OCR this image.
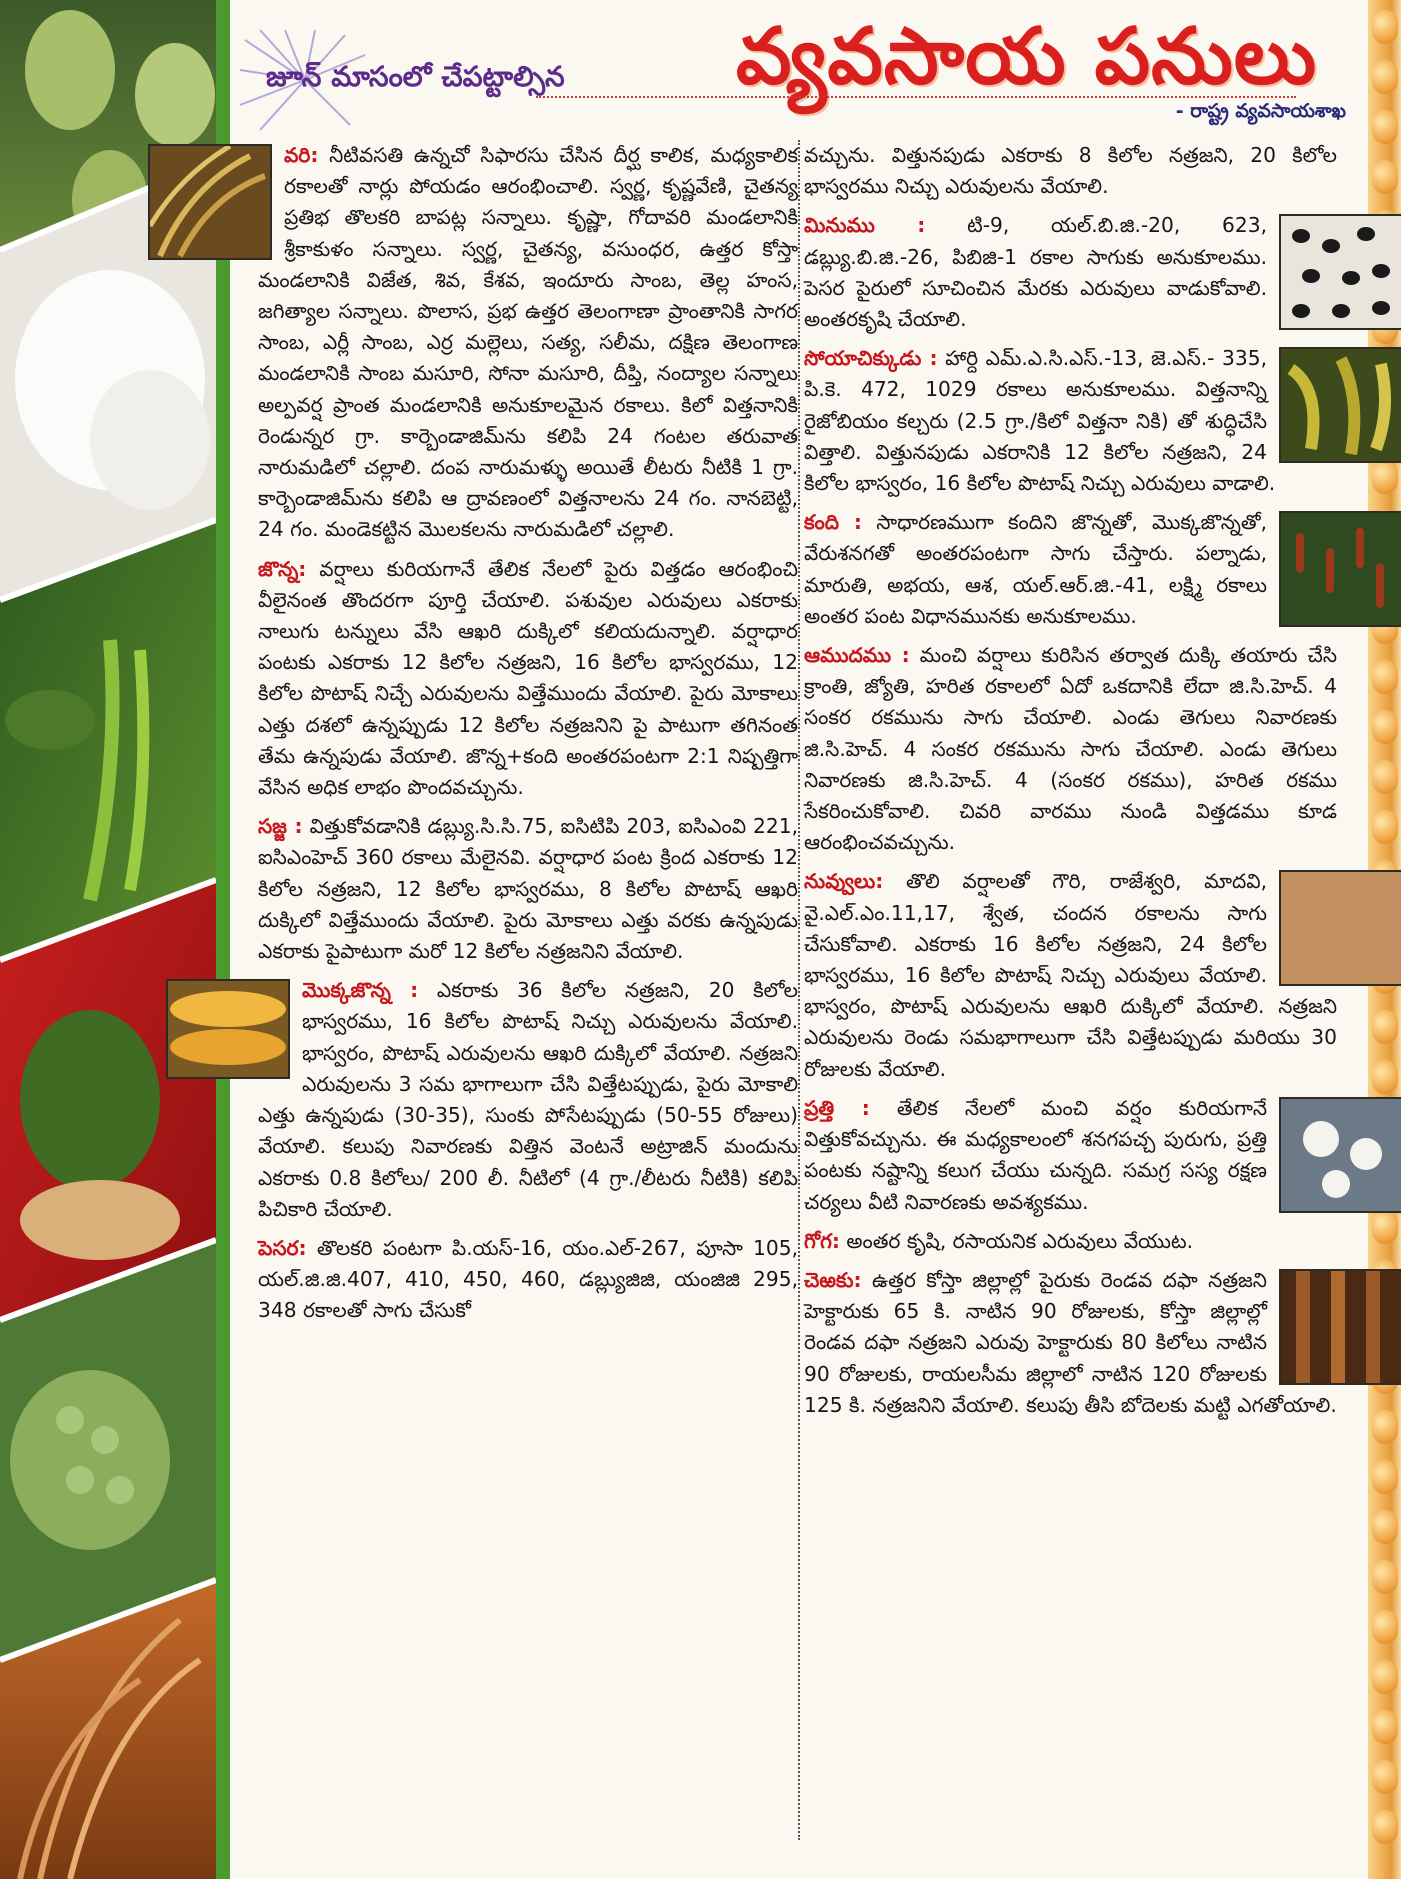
జూన్ మాసంలో చేపట్టాల్సిన వ్యవసాయ పనులు
- రాష్ట్ర వ్యవసాయశాఖ
వరి: నీటివసతి ఉన్నచో సిఫారసు చేసిన దీర్ఘ కాలిక, మధ్యకాలిక రకాలతో నార్లు పోయడం ఆరంభించాలి. స్వర్ణ, కృష్ణవేణి, చైతన్య ప్రతిభ తొలకరి బాపట్ల సన్నాలు. కృష్ణా, గోదావరి మండలానికి శ్రీకాకుళం సన్నాలు. స్వర్ణ, చైతన్య, వసుంధర, ఉత్తర కోస్తా మండలానికి విజేత, శివ, కేశవ, ఇందూరు సాంబ, తెల్ల హంస, జగిత్యాల సన్నాలు. పొలాస, ప్రభ ఉత్తర తెలంగాణా ప్రాంతానికి సాగర సాంబ, ఎర్లీ సాంబ, ఎర్ర మల్లెలు, సత్య, సలీమ, దక్షిణ తెలంగాణ మండలానికి సాంబ మసూరి, సోనా మసూరి, దీప్తి, నంద్యాల సన్నాలు అల్పవర్ష ప్రాంత మండలానికి అనుకూలమైన రకాలు. కిలో విత్తనానికి రెండున్నర గ్రా. కార్బెండాజిమ్‌ను కలిపి 24 గంటల తరువాత నారుమడిలో చల్లాలి. దంప నారుమళ్ళు అయితే లీటరు నీటికి 1 గ్రా. కార్బెండాజిమ్‌ను కలిపి ఆ ద్రావణంలో విత్తనాలను 24 గం. నానబెట్టి, 24 గం. మండెకట్టిన మొలకలను నారుమడిలో చల్లాలి.
జొన్న: వర్షాలు కురియగానే తేలిక నేలలో పైరు విత్తడం ఆరంభించి వీలైనంత తొందరగా పూర్తి చేయాలి. పశువుల ఎరువులు ఎకరాకు నాలుగు టన్నులు వేసి ఆఖరి దుక్కిలో కలియదున్నాలి. వర్షాధార పంటకు ఎకరాకు 12 కిలోల నత్రజని, 16 కిలోల భాస్వరము, 12 కిలోల పొటాష్ నిచ్చే ఎరువులను విత్తేముందు వేయాలి. పైరు మోకాలు ఎత్తు దశలో ఉన్నప్పుడు 12 కిలోల నత్రజనిని పై పాటుగా తగినంత తేమ ఉన్నపుడు వేయాలి. జొన్న+కంది అంతరపంటగా 2:1 నిష్పత్తిగా వేసిన అధిక లాభం పొందవచ్చును.
సజ్జ : విత్తుకోవడానికి డబ్ల్యు.సి.సి.75, ఐసిటిపి 203, ఐసిఎంవి 221, ఐసిఎంహెచ్ 360 రకాలు మేలైనవి. వర్షాధార పంట క్రింద ఎకరాకు 12 కిలోల నత్రజని, 12 కిలోల భాస్వరము, 8 కిలోల పొటాష్ ఆఖరి దుక్కిలో విత్తేముందు వేయాలి. పైరు మోకాలు ఎత్తు వరకు ఉన్నపుడు ఎకరాకు పైపాటుగా మరో 12 కిలోల నత్రజనిని వేయాలి.
మొక్కజొన్న : ఎకరాకు 36 కిలోల నత్రజని, 20 కిలోల భాస్వరము, 16 కిలోల పొటాష్ నిచ్చు ఎరువులను వేయాలి. భాస్వరం, పొటాష్ ఎరువులను ఆఖరి దుక్కిలో వేయాలి. నత్రజని ఎరువులను 3 సమ భాగాలుగా చేసి విత్తేటప్పుడు, పైరు మోకాలి ఎత్తు ఉన్నపుడు (30-35), సుంకు పోసేటప్పుడు (50-55 రోజులు) వేయాలి. కలుపు నివారణకు విత్తిన వెంటనే అట్రాజిన్ మందును ఎకరాకు 0.8 కిలోలు/ 200 లీ. నీటిలో (4 గ్రా./లీటరు నీటికి) కలిపి పిచికారి చేయాలి.
పెసర: తొలకరి పంటగా పి.యస్-16, యం.ఎల్-267, పూసా 105, యల్.జి.జి.407, 410, 450, 460, డబ్ల్యుజిజి, యంజిజి 295, 348 రకాలతో సాగు చేసుకో
వచ్చును. విత్తునపుడు ఎకరాకు 8 కిలోల నత్రజని, 20 కిలోల భాస్వరము నిచ్చు ఎరువులను వేయాలి.
మినుము : టి-9, యల్.బి.జి.-20, 623, డబ్ల్యు.బి.జి.-26, పిబిజి-1 రకాల సాగుకు అనుకూలము. పెసర పైరులో సూచించిన మేరకు ఎరువులు వాడుకోవాలి. అంతరకృషి చేయాలి.
సోయాచిక్కుడు : హార్ది ఎమ్.ఎ.సి.ఎస్.-13, జె.ఎస్.- 335, పి.కె. 472, 1029 రకాలు అనుకూలము. విత్తనాన్ని రైజోబియం కల్చరు (2.5 గ్రా./కిలో విత్తనా నికి) తో శుద్ధిచేసి విత్తాలి. విత్తునపుడు ఎకరానికి 12 కిలోల నత్రజని, 24 కిలోల భాస్వరం, 16 కిలోల పొటాష్ నిచ్చు ఎరువులు వాడాలి.
కంది : సాధారణముగా కందిని జొన్నతో, మొక్కజొన్నతో, వేరుశనగతో అంతరపంటగా సాగు చేస్తారు. పల్నాడు, మారుతి, అభయ, ఆశ, యల్.ఆర్.జి.-41, లక్ష్మి రకాలు అంతర పంట విధానమునకు అనుకూలము.
ఆముదము : మంచి వర్షాలు కురిసిన తర్వాత దుక్కి తయారు చేసి క్రాంతి, జ్యోతి, హరిత రకాలలో ఏదో ఒకదానికి లేదా జి.సి.హెచ్. 4 సంకర రకమును సాగు చేయాలి. ఎండు తెగులు నివారణకు జి.సి.హెచ్. 4 సంకర రకమును సాగు చేయాలి. ఎండు తెగులు నివారణకు జి.సి.హెచ్. 4 (సంకర రకము), హరిత రకము సేకరించుకోవాలి. చివరి వారము నుండి విత్తడము కూడ ఆరంభించవచ్చును.
నువ్వులు: తొలి వర్షాలతో గౌరి, రాజేశ్వరి, మాదవి, వై.ఎల్.ఎం.11,17, శ్వేత, చందన రకాలను సాగు చేసుకోవాలి. ఎకరాకు 16 కిలోల నత్రజని, 24 కిలోల భాస్వరము, 16 కిలోల పొటాష్ నిచ్చు ఎరువులు వేయాలి. భాస్వరం, పొటాష్ ఎరువులను ఆఖరి దుక్కిలో వేయాలి. నత్రజని ఎరువులను రెండు సమభాగాలుగా చేసి విత్తేటప్పుడు మరియు 30 రోజులకు వేయాలి.
ప్రత్తి : తేలిక నేలలో మంచి వర్షం కురియగానే విత్తుకోవచ్చును. ఈ మధ్యకాలంలో శనగపచ్చ పురుగు, ప్రత్తి పంటకు నష్టాన్ని కలుగ చేయు చున్నది. సమగ్ర సస్య రక్షణ చర్యలు వీటి నివారణకు అవశ్యకము.
గోగ: అంతర కృషి, రసాయనిక ఎరువులు వేయుట.
చెఱకు: ఉత్తర కోస్తా జిల్లాల్లో పైరుకు రెండవ దఫా నత్రజని హెక్టారుకు 65 కి. నాటిన 90 రోజులకు, కోస్తా జిల్లాల్లో రెండవ దఫా నత్రజని ఎరువు హెక్టారుకు 80 కిలోలు నాటిన 90 రోజులకు, రాయలసీమ జిల్లాలో నాటిన 120 రోజులకు 125 కి. నత్రజనిని వేయాలి. కలుపు తీసి బోదెలకు మట్టి ఎగతోయాలి.
